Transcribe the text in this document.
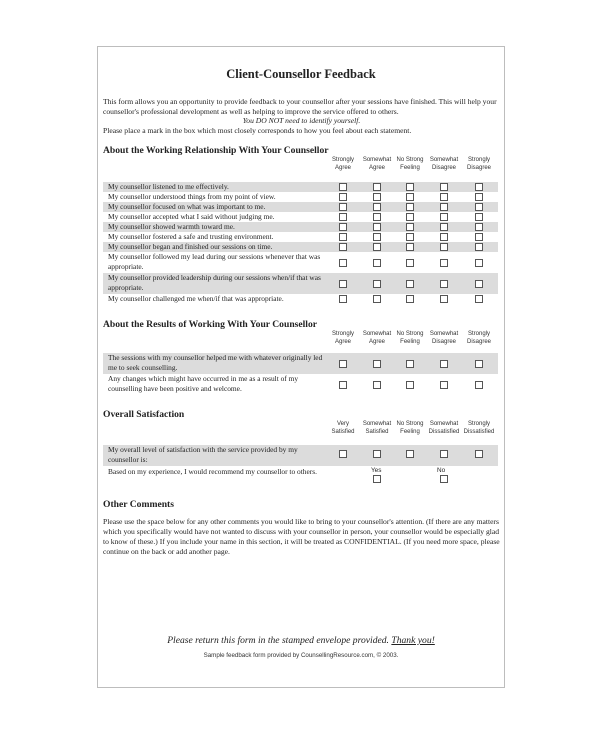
Client-Counsellor Feedback
This form allows you an opportunity to provide feedback to your counsellor after your sessions have finished. This will help your counsellor's professional development as well as helping to improve the service offered to others.
You DO NOT need to identify yourself.
Please place a mark in the box which most closely corresponds to how you feel about each statement.
About the Working Relationship With Your Counsellor
Strongly Agree
Somewhat Agree
No Strong Feeling
Somewhat Disagree
Strongly Disagree
My counsellor listened to me effectively.
My counsellor understood things from my point of view.
My counsellor focused on what was important to me.
My counsellor accepted what I said without judging me.
My counsellor showed warmth toward me.
My counsellor fostered a safe and trusting environment.
My counsellor began and finished our sessions on time.
My counsellor followed my lead during our sessions whenever that was appropriate.
My counsellor provided leadership during our sessions when/if that was appropriate.
My counsellor challenged me when/if that was appropriate.
About the Results of Working With Your Counsellor
Strongly Agree
Somewhat Agree
No Strong Feeling
Somewhat Disagree
Strongly Disagree
The sessions with my counsellor helped me with whatever originally led me to seek counselling.
Any changes which might have occurred in me as a result of my counselling have been positive and welcome.
Overall Satisfaction
Very Satisfied
Somewhat Satisfied
No Strong Feeling
Somewhat Dissatisfied
Strongly Dissatisfied
My overall level of satisfaction with the service provided by my counsellor is:
Based on my experience, I would recommend my counsellor to others.	Yes	No
Other Comments
Please use the space below for any other comments you would like to bring to your counsellor's attention. (If there are any matters which you specifically would have not wanted to discuss with your counsellor in person, your counsellor would be especially glad to know of these.) If you include your name in this section, it will be treated as CONFIDENTIAL. (If you need more space, please continue on the back or add another page.
Please return this form in the stamped envelope provided. Thank you!
Sample feedback form provided by CounsellingResource.com, © 2003.
